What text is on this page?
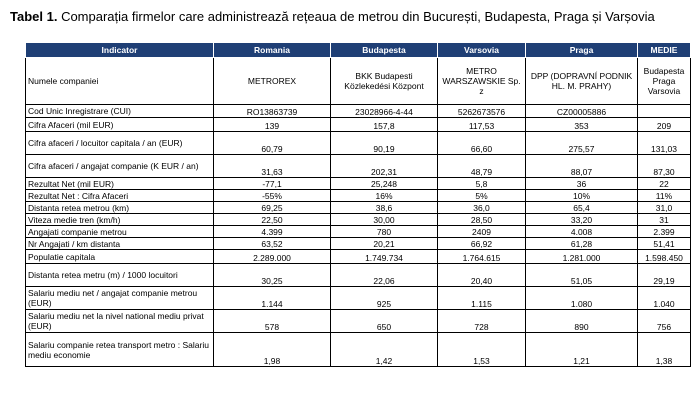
Tabel 1. Comparația firmelor care administrează rețeaua de metrou din București, Budapesta, Praga și Varșovia
Indicator	Romania	Budapesta	Varsovia	Praga	MEDIE
Numele companiei	METROREX	BKK Budapesti Közlekedési Központ	METRO WARSZAWSKIE Sp. z	DPP (DOPRAVNÍ PODNIK HL. M. PRAHY)	Budapesta Praga Varsovia
Cod Unic Inregistrare (CUI)	RO13863739	23028966-4-44	5262673576	CZ00005886	
Cifra Afaceri (mil EUR)	139	157,8	117,53	353	209
Cifra afaceri / locuitor capitala / an (EUR)	60,79	90,19	66,60	275,57	131,03
Cifra afaceri / angajat companie (K EUR / an)	31,63	202,31	48,79	88,07	87,30
Rezultat Net (mil EUR)	-77,1	25,248	5,8	36	22
Rezultat Net : Cifra Afaceri	-55%	16%	5%	10%	11%
Distanta retea metrou (km)	69,25	38,6	36,0	65,4	31,0
Viteza medie tren (km/h)	22,50	30,00	28,50	33,20	31
Angajati companie metrou	4.399	780	2409	4.008	2.399
Nr Angajati / km distanta	63,52	20,21	66,92	61,28	51,41
Populatie capitala	2.289.000	1.749.734	1.764.615	1.281.000	1.598.450
Distanta retea metru (m) / 1000 locuitori	30,25	22,06	20,40	51,05	29,19
Salariu mediu net / angajat companie metrou (EUR)	1.144	925	1.115	1.080	1.040
Salariu mediu net la nivel national mediu privat (EUR)	578	650	728	890	756
Salariu companie retea transport metro : Salariu mediu economie	1,98	1,42	1,53	1,21	1,38
